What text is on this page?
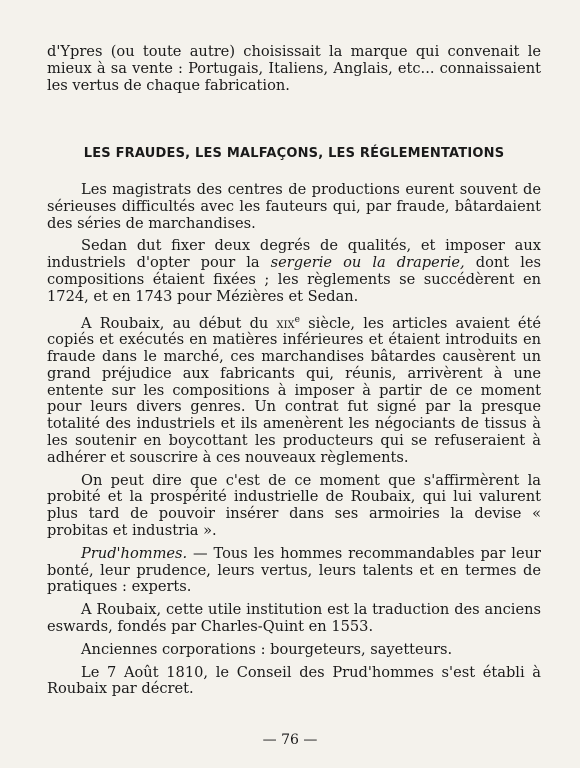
d'Ypres (ou toute autre) choisissait la marque qui convenait le mieux à sa vente : Portugais, Italiens, Anglais, etc... connaissaient les vertus de chaque fabrication.

LES FRAUDES, LES MALFAÇONS, LES RÉGLEMENTATIONS

Les magistrats des centres de productions eurent souvent de sérieuses difficultés avec les fauteurs qui, par fraude, bâtardaient des séries de marchandises.

Sedan dut fixer deux degrés de qualités, et imposer aux industriels d'opter pour la sergerie ou la draperie, dont les compositions étaient fixées ; les règlements se succédèrent en 1724, et en 1743 pour Mézières et Sedan.

A Roubaix, au début du xix$^e$ siècle, les articles avaient été copiés et exécutés en matières inférieures et étaient introduits en fraude dans le marché, ces marchandises bâtardes causèrent un grand préjudice aux fabricants qui, réunis, arrivèrent à une entente sur les compositions à imposer à partir de ce moment pour leurs divers genres. Un contrat fut signé par la presque totalité des industriels et ils amenèrent les négociants de tissus à les soutenir en boycottant les producteurs qui se refuseraient à adhérer et souscrire à ces nouveaux règlements.

On peut dire que c'est de ce moment que s'affirmèrent la probité et la prospérité industrielle de Roubaix, qui lui valurent plus tard de pouvoir insérer dans ses armoiries la devise « probitas et industria ».

Prud'hommes. — Tous les hommes recommandables par leur bonté, leur prudence, leurs vertus, leurs talents et en termes de pratiques : experts.

A Roubaix, cette utile institution est la traduction des anciens eswards, fondés par Charles-Quint en 1553.

Anciennes corporations : bourgeteurs, sayetteurs.

Le 7 Août 1810, le Conseil des Prud'hommes s'est établi à Roubaix par décret.

— 76 —
